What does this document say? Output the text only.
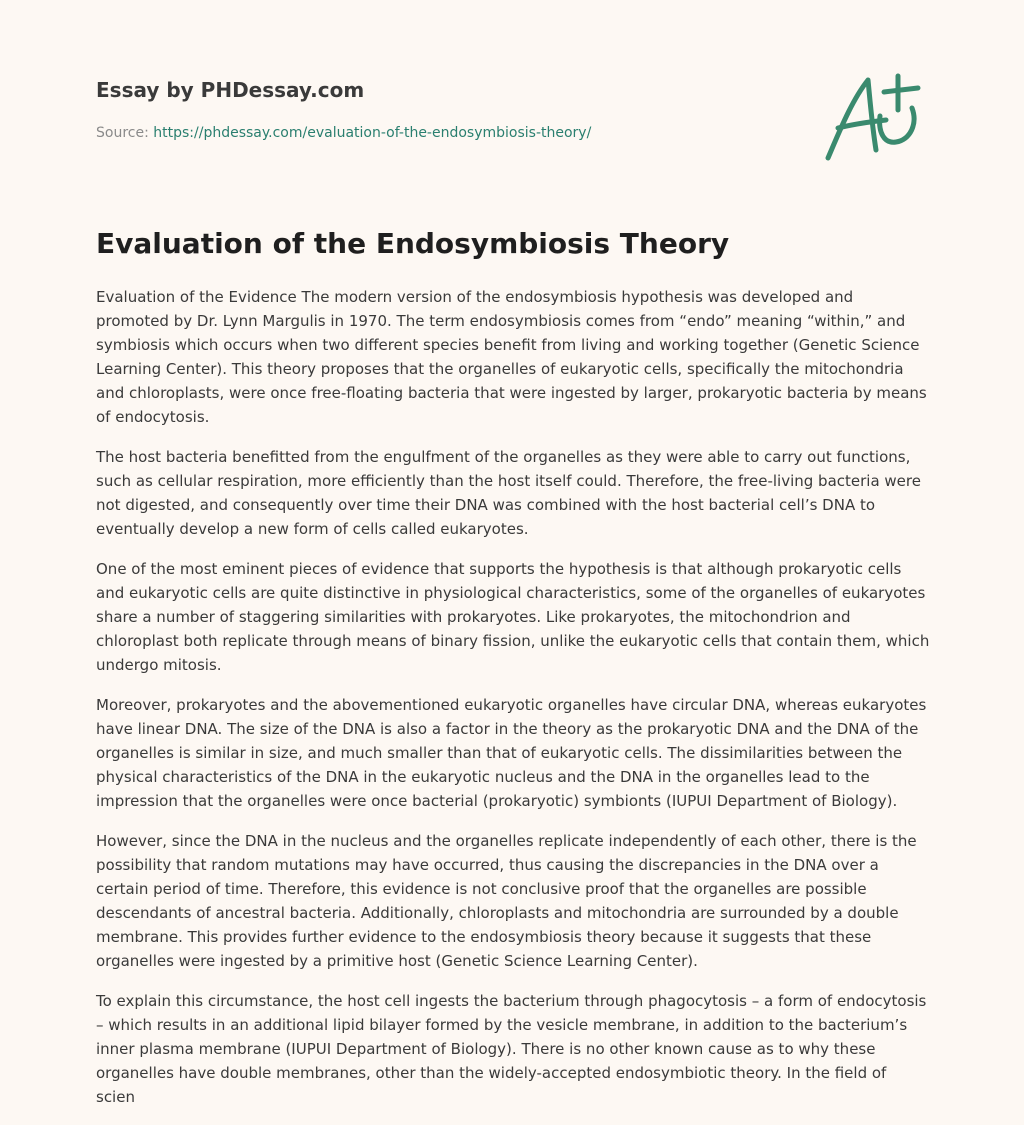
Essay by PHDessay.com
Source: https://phdessay.com/evaluation-of-the-endosymbiosis-theory/
Evaluation of the Endosymbiosis Theory

Evaluation of the Evidence The modern version of the endosymbiosis hypothesis was developed and promoted by Dr. Lynn Margulis in 1970. The term endosymbiosis comes from “endo” meaning “within,” and symbiosis which occurs when two different species benefit from living and working together (Genetic Science Learning Center). This theory proposes that the organelles of eukaryotic cells, specifically the mitochondria and chloroplasts, were once free-floating bacteria that were ingested by larger, prokaryotic bacteria by means of endocytosis.

The host bacteria benefitted from the engulfment of the organelles as they were able to carry out functions, such as cellular respiration, more efficiently than the host itself could. Therefore, the free-living bacteria were not digested, and consequently over time their DNA was combined with the host bacterial cell’s DNA to eventually develop a new form of cells called eukaryotes.

One of the most eminent pieces of evidence that supports the hypothesis is that although prokaryotic cells and eukaryotic cells are quite distinctive in physiological characteristics, some of the organelles of eukaryotes share a number of staggering similarities with prokaryotes. Like prokaryotes, the mitochondrion and chloroplast both replicate through means of binary fission, unlike the eukaryotic cells that contain them, which undergo mitosis.

Moreover, prokaryotes and the abovementioned eukaryotic organelles have circular DNA, whereas eukaryotes have linear DNA. The size of the DNA is also a factor in the theory as the prokaryotic DNA and the DNA of the organelles is similar in size, and much smaller than that of eukaryotic cells. The dissimilarities between the physical characteristics of the DNA in the eukaryotic nucleus and the DNA in the organelles lead to the impression that the organelles were once bacterial (prokaryotic) symbionts (IUPUI Department of Biology).

However, since the DNA in the nucleus and the organelles replicate independently of each other, there is the possibility that random mutations may have occurred, thus causing the discrepancies in the DNA over a certain period of time. Therefore, this evidence is not conclusive proof that the organelles are possible descendants of ancestral bacteria. Additionally, chloroplasts and mitochondria are surrounded by a double membrane. This provides further evidence to the endosymbiosis theory because it suggests that these organelles were ingested by a primitive host (Genetic Science Learning Center).

To explain this circumstance, the host cell ingests the bacterium through phagocytosis – a form of endocytosis – which results in an additional lipid bilayer formed by the vesicle membrane, in addition to the bacterium’s inner plasma membrane (IUPUI Department of Biology). There is no other known cause as to why these organelles have double membranes, other than the widely-accepted endosymbiotic theory. In the field of scien
